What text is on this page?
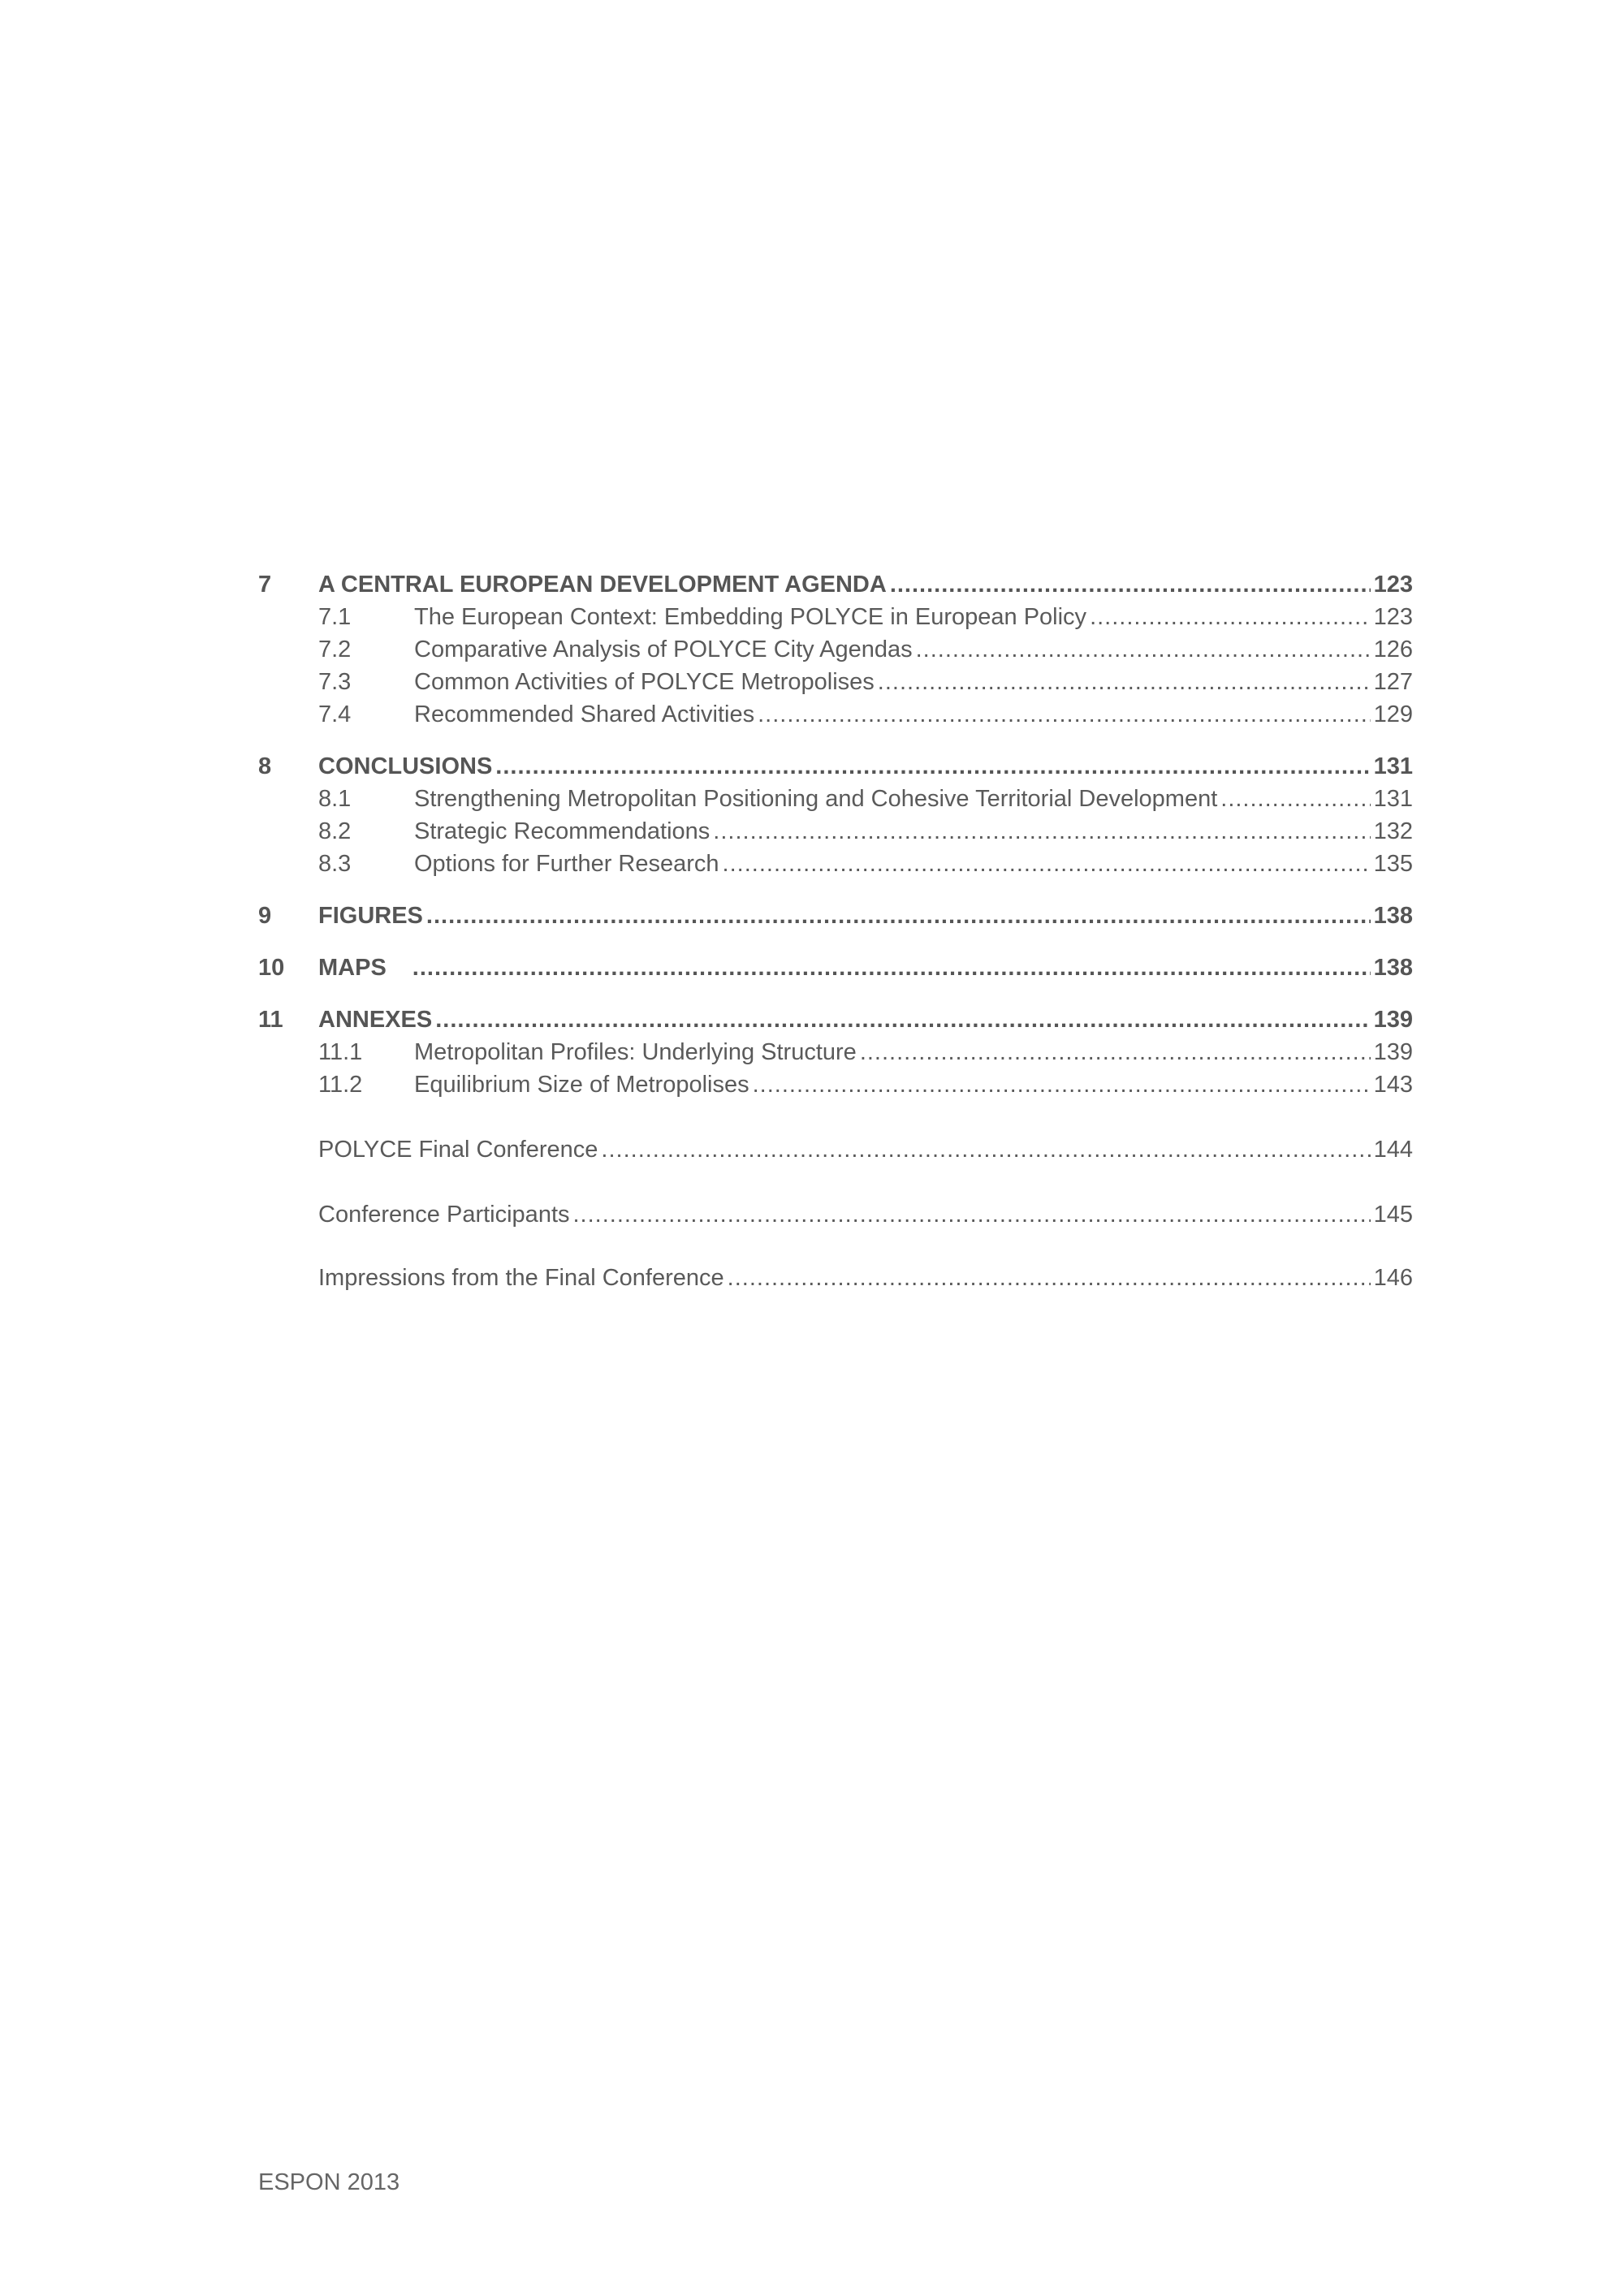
7 A CENTRAL EUROPEAN DEVELOPMENT AGENDA .....	123
7.1	The European Context: Embedding POLYCE in European Policy .....	123
7.2	Comparative Analysis of POLYCE City Agendas .....	126
7.3	Common Activities of POLYCE Metropolises .....	127
7.4	Recommended Shared Activities .....	129
8 CONCLUSIONS .....	131
8.1	Strengthening Metropolitan Positioning and Cohesive Territorial Development .....	131
8.2	Strategic Recommendations .....	132
8.3	Options for Further Research .....	135
9 FIGURES .....	138
10 MAPS .....	138
11 ANNEXES .....	139
11.1	Metropolitan Profiles: Underlying Structure .....	139
11.2	Equilibrium Size of Metropolises .....	143
POLYCE Final Conference .....	144
Conference Participants .....	145
Impressions from the Final Conference .....	146
ESPON 2013
